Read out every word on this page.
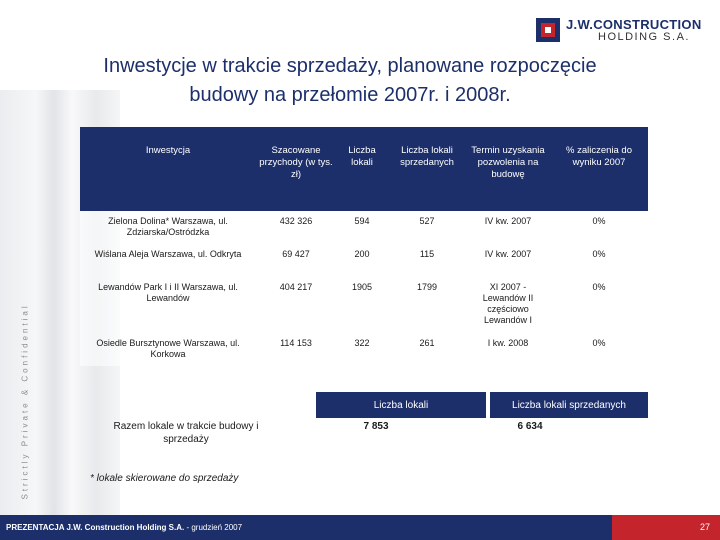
Strictly Private & Confidential
J.W.CONSTRUCTION
HOLDING S.A.
Inwestycje w trakcie sprzedaży, planowane rozpoczęcie budowy na przełomie 2007r. i 2008r.
Inwestycja	Szacowane przychody (w tys. zł)	Liczba lokali	Liczba lokali sprzedanych	Termin uzyskania pozwolenia na budowę	% zaliczenia do wyniku 2007
Zielona Dolina* Warszawa, ul. Zdziarska/Ostródzka	432 326	594	527	IV kw. 2007	0%
Wiślana Aleja Warszawa, ul. Odkryta	69 427	200	115	IV kw. 2007	0%
Lewandów Park I i II Warszawa, ul. Lewandów	404 217	1905	1799	XI 2007 - Lewandów II częściowo Lewandów I	0%
Osiedle Bursztynowe Warszawa, ul. Korkowa	114 153	322	261	I kw. 2008	0%
Liczba lokali	Liczba lokali sprzedanych
Razem lokale w trakcie budowy i sprzedaży
7 853	6 634
* lokale skierowane do sprzedaży
PREZENTACJA J.W. Construction Holding S.A. - grudzień 2007	27
